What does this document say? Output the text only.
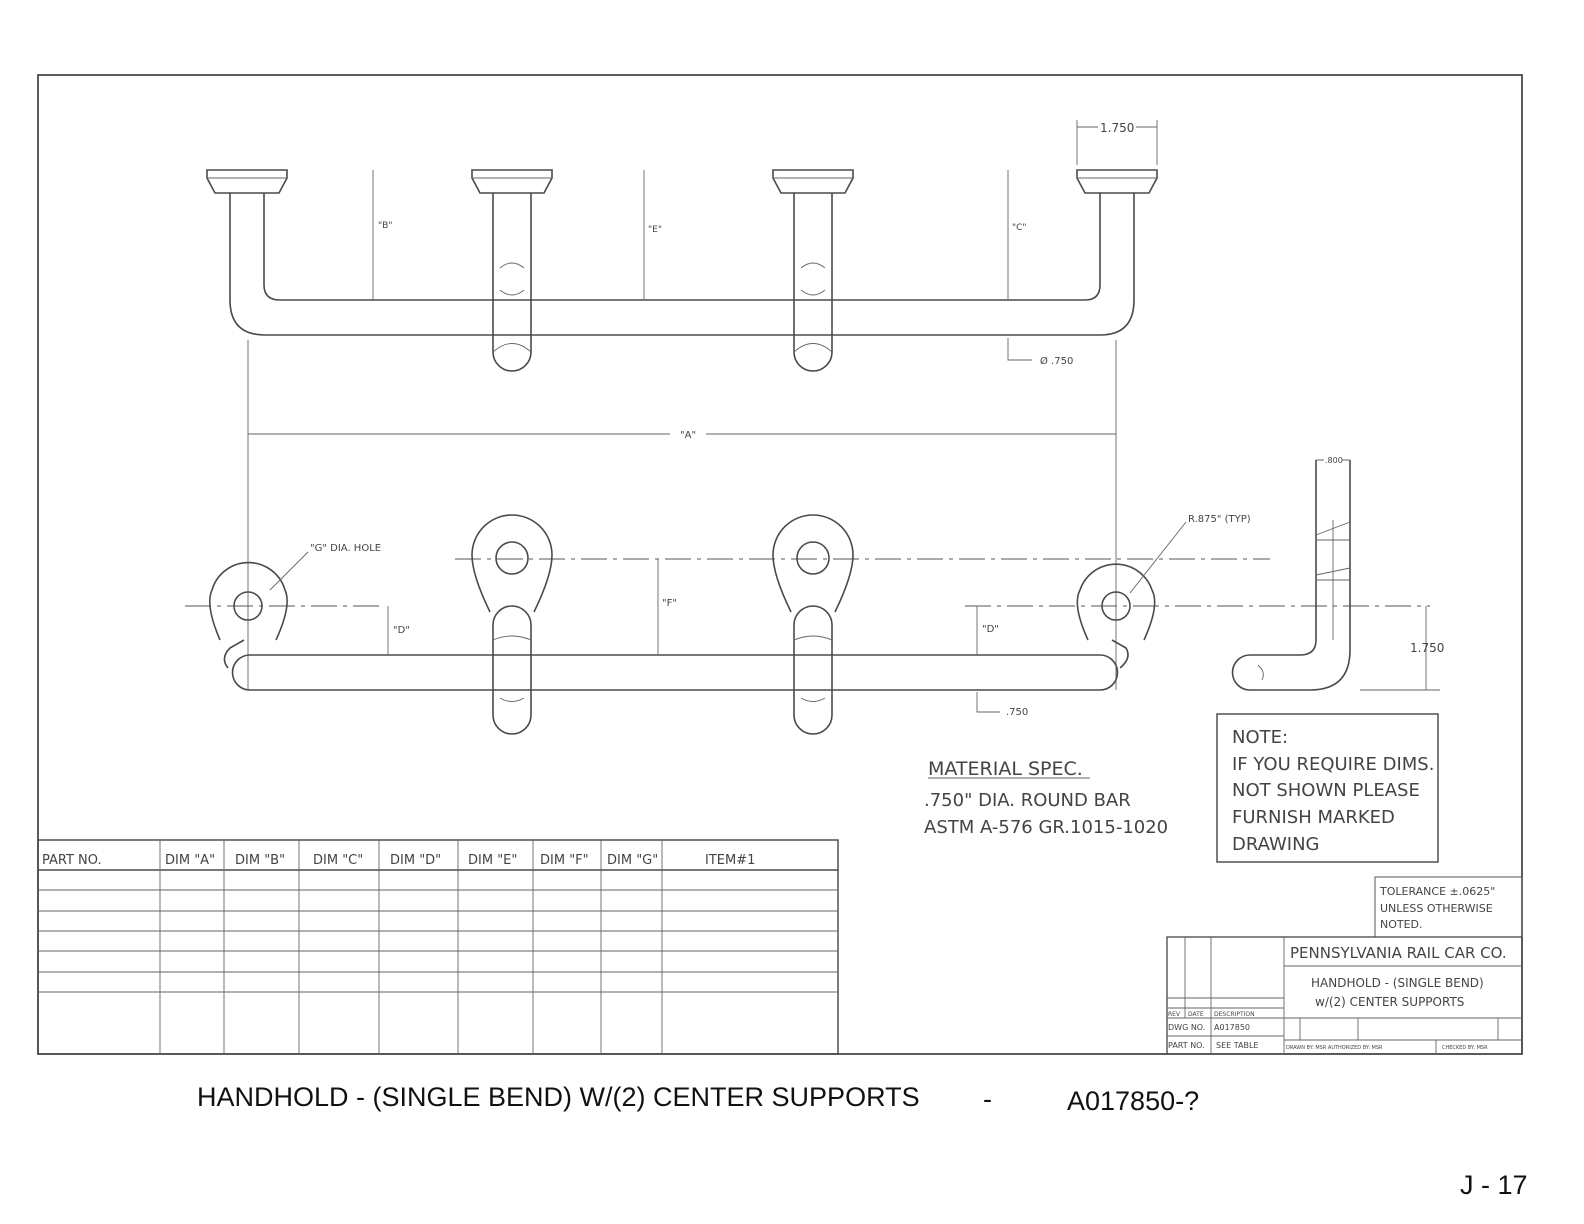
1.750
"B"	"E"	"C"
Ø .750
"A"
"G" DIA. HOLE
R.875" (TYP)
"F"
"D"	"D"
.750
.800
1.750
MATERIAL SPEC.
.750" DIA. ROUND BAR
ASTM A-576 GR.1015-1020
NOTE:
IF YOU REQUIRE DIMS.
NOT SHOWN PLEASE
FURNISH MARKED
DRAWING
PART NO.	DIM "A" DIM "B" DIM "C" DIM "D" DIM "E" DIM "F" DIM "G"	ITEM#1
TOLERANCE ±.0625"
UNLESS OTHERWISE
NOTED.
PENNSYLVANIA RAIL CAR CO.
HANDHOLD - (SINGLE BEND)
w/(2) CENTER SUPPORTS
REV DATE DESCRIPTION
DWG NO. A017850
PART NO. SEE TABLE	DRAWN BY: MSR AUTHORIZED BY: MSR	CHECKED BY: MSR
HANDHOLD - (SINGLE BEND) W/(2) CENTER SUPPORTS -	A017850-?
J - 17
